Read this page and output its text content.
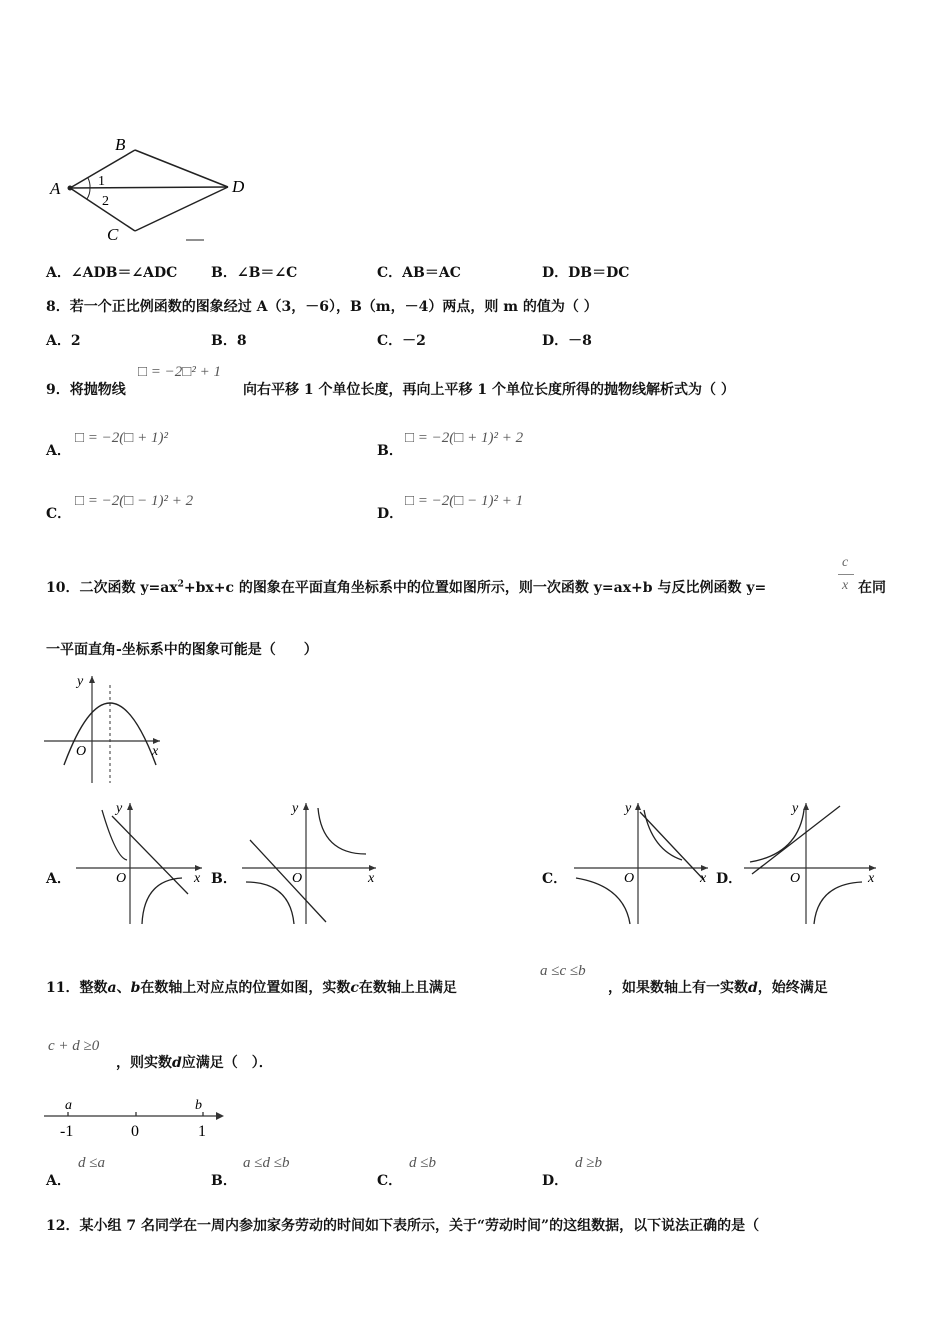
B
A	D
C
1
2
A．∠ADB＝∠ADC B．∠B＝∠C	C．AB＝AC	D．DB＝DC
8．若一个正比例函数的图象经过 A（3，－6），B（m，－4）两点，则 m 的值为（ ）
A．2	B．8	C．－2	D．－8
9．将抛物线
□ = −2□² + 1
向右平移 1 个单位长度，再向上平移 1 个单位长度所得的抛物线解析式为（ ）
A．
□ = −2(□ + 1)²
B．
□ = −2(□ + 1)² + 2
C．
□ = −2(□ − 1)² + 2
D．
□ = −2(□ − 1)² + 1
10．二次函数 $y=ax^2+bx+c$ 的图象在平面直角坐标系中的位置如图所示，则一次函数 y=ax+b 与反比例函数 y=
c
x 在同
一平面直角-坐标系中的图象可能是（　　）
y
x
O
A．
y
x
O	B．
y
x
O	C．
y
x
O	D．
y
x
O
11．整数a、b在数轴上对应点的位置如图，实数c在数轴上且满足
a ≤c ≤b
，如果数轴上有一实数d，始终满足
c + d ≥0
，则实数d应满足（　）．
a	b
-1	0	1
A．
d ≤a
B．
a ≤d ≤b
C．
d ≤b
D．
d ≥b
12．某小组 7 名同学在一周内参加家务劳动的时间如下表所示，关于“劳动时间”的这组数据，以下说法正确的是（
